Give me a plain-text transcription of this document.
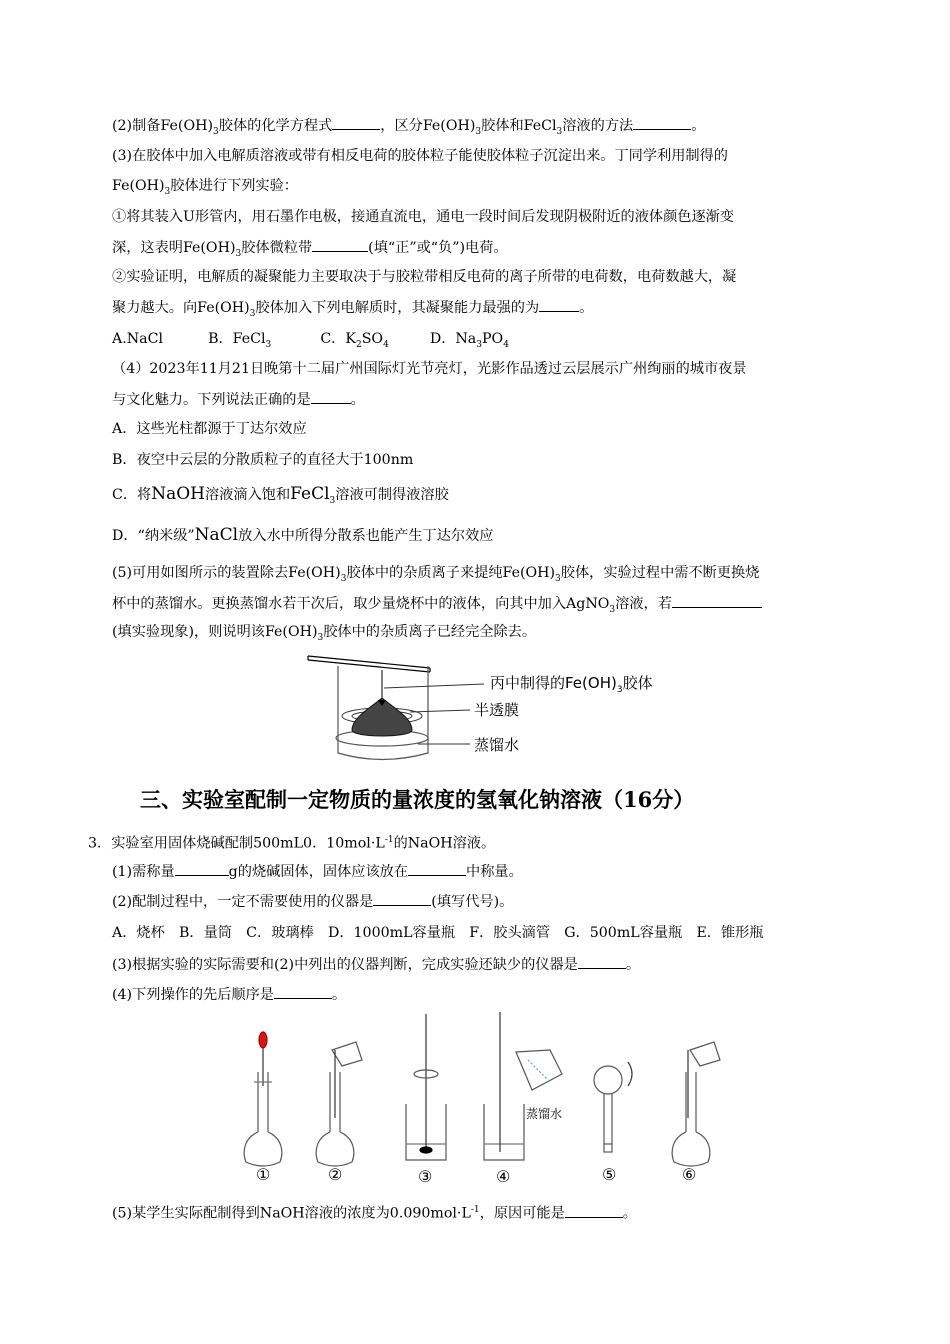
(2)制备$Fe(OH)_3$胶体的化学方程式	，区分$Fe(OH)_3$胶体和FeCl$_3$溶液的方法	。
(3)在胶体中加入电解质溶液或带有相反电荷的胶体粒子能使胶体粒子沉淀出来。丁同学利用制得的
$Fe(OH)_3$胶体进行下列实验：
①将其装入U形管内，用石墨作电极，接通直流电，通电一段时间后发现阴极附近的液体颜色逐渐变
深，这表明$Fe(OH)_3$胶体微粒带	(填“正”或“负”)电荷。
②实验证明，电解质的凝聚能力主要取决于与胶粒带相反电荷的离子所带的电荷数，电荷数越大，凝
聚力越大。向$Fe(OH)_3$胶体加入下列电解质时，其凝聚能力最强的为	。
A.NaCl	B．FeCl$_3$	C．$K_2SO_4$	D．$Na_3PO_4$
（4）2023年11月21日晚第十二届广州国际灯光节亮灯，光影作品透过云层展示广州绚丽的城市夜景
与文化魅力。下列说法正确的是	。
A．这些光柱都源于丁达尔效应
B．夜空中云层的分散质粒子的直径大于100nm
C．将NaOH溶液滴入饱和FeCl$_3$溶液可制得液溶胶
D．“纳米级”NaCl放入水中所得分散系也能产生丁达尔效应
(5)可用如图所示的装置除去$Fe(OH)_3$胶体中的杂质离子来提纯$Fe(OH)_3$胶体，实验过程中需不断更换烧
杯中的蒸馏水。更换蒸馏水若干次后，取少量烧杯中的液体，向其中加入AgNO$_3$溶液，若
(填实验现象)，则说明该$Fe(OH)_3$胶体中的杂质离子已经完全除去。
丙中制得的$Fe(OH)_3$胶体
半透膜
蒸馏水
三、实验室配制一定物质的量浓度的氢氧化钠溶液（16分）
3．实验室用固体烧碱配制500mL0．$10mol\cdot L^{-1}$的NaOH溶液。
(1)需称量	g的烧碱固体，固体应该放在	中称量。
(2)配制过程中，一定不需要使用的仪器是	(填写代号)。
A．烧杯　B．量筒　C．玻璃棒　D．1000mL容量瓶　F．胶头滴管　G．500mL容量瓶　E．锥形瓶
(3)根据实验的实际需要和(2)中列出的仪器判断，完成实验还缺少的仪器是	。
(4)下列操作的先后顺序是	。
蒸馏水
①	②	③	④	⑤	⑥
(5)某学生实际配制得到NaOH溶液的浓度为$0.090mol\cdot L^{-1}$，原因可能是	。
